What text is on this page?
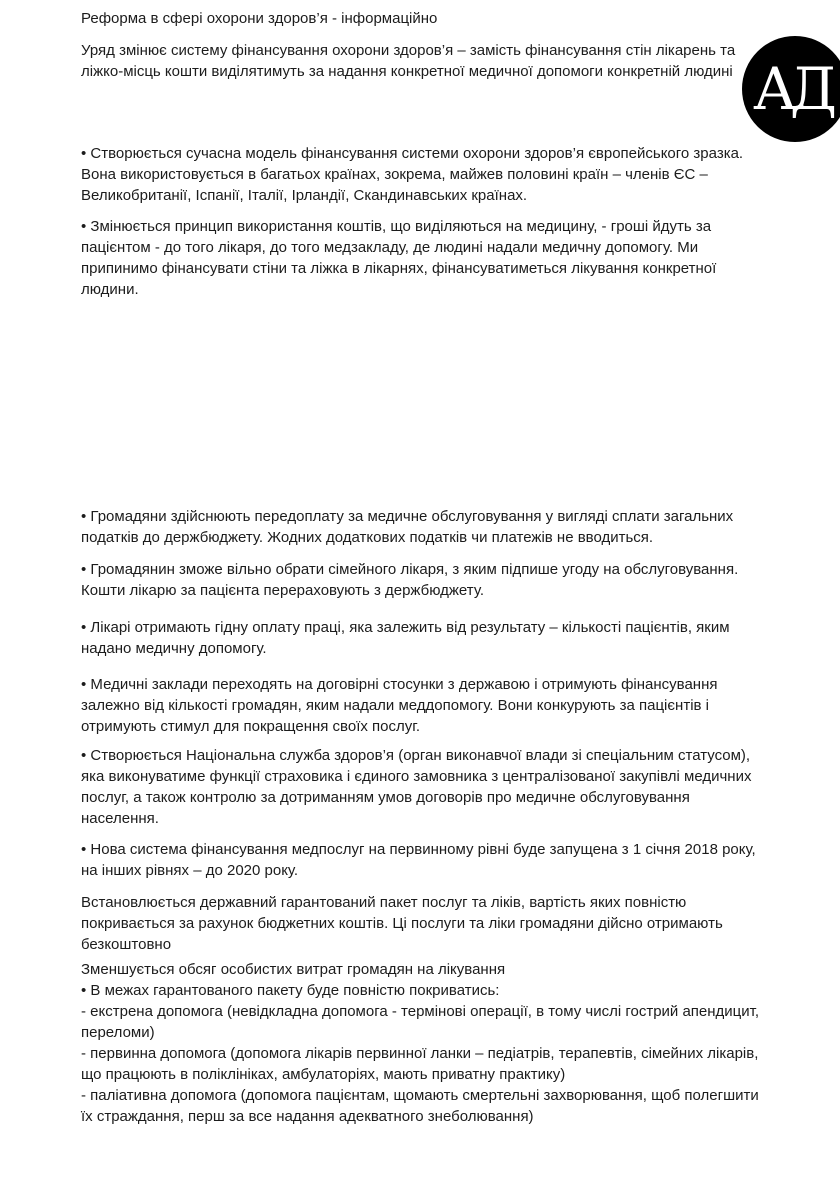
Реформа в сфері охорони здоров’я - інформаційно

Уряд змінює систему фінансування охорони здоров’я – замість фінансування стін лікарень та ліжко-місць кошти виділятимуть за надання конкретної медичної допомоги конкретній людині

• Створюється сучасна модель фінансування системи охорони здоров’я європейського зразка. Вона використовується в багатьох країнах, зокрема, майжев половині країн – членів ЄС – Великобританії, Іспанії, Італії, Ірландії, Скандинавських країнах.

• Змінюється принцип використання коштів, що виділяються на медицину, - гроші йдуть за пацієнтом - до того лікаря, до того медзакладу, де людині надали медичну допомогу. Ми припинимо фінансувати стіни та ліжка в лікарнях, фінансуватиметься лікування конкретної людини.

• Громадяни здійснюють передоплату за медичне обслуговування у вигляді сплати загальних податків до держбюджету. Жодних додаткових податків чи платежів не вводиться.

• Громадянин зможе вільно обрати сімейного лікаря, з яким підпише угоду на обслуговування. Кошти лікарю за пацієнта перераховують з держбюджету.

• Лікарі отримають гідну оплату праці, яка залежить від результату – кількості пацієнтів, яким надано медичну допомогу.

• Медичні заклади переходять на договірні стосунки з державою і отримують фінансування залежно від кількості громадян, яким надали меддопомогу. Вони конкурують за пацієнтів і отримують стимул для покращення своїх послуг.

• Створюється Національна служба здоров’я (орган виконавчої влади зі спеціальним статусом), яка виконуватиме функції страховика і єдиного замовника з централізованої закупівлі медичних послуг, а також контролю за дотриманням умов договорів про медичне обслуговування населення.

• Нова система фінансування медпослуг на первинному рівні буде запущена з 1 січня 2018 року, на інших рівнях – до 2020 року.

Встановлюється державний гарантований пакет послуг та ліків, вартість яких повністю покривається за рахунок бюджетних коштів. Ці послуги та ліки громадяни дійсно отримають безкоштовно

Зменшується обсяг особистих витрат громадян на лікування

• В межах гарантованого пакету буде повністю покриватись:

- екстрена допомога (невідкладна допомога - термінові операції, в тому числі гострий апендицит, переломи)

- первинна допомога (допомога лікарів первинної ланки – педіатрів, терапевтів, сімейних лікарів, що працюють в поліклініках, амбулаторіях, мають приватну практику)

- паліативна допомога (допомога пацієнтам, щомають смертельні захворювання, щоб полегшити їх страждання, перш за все надання адекватного знеболювання)

АД
